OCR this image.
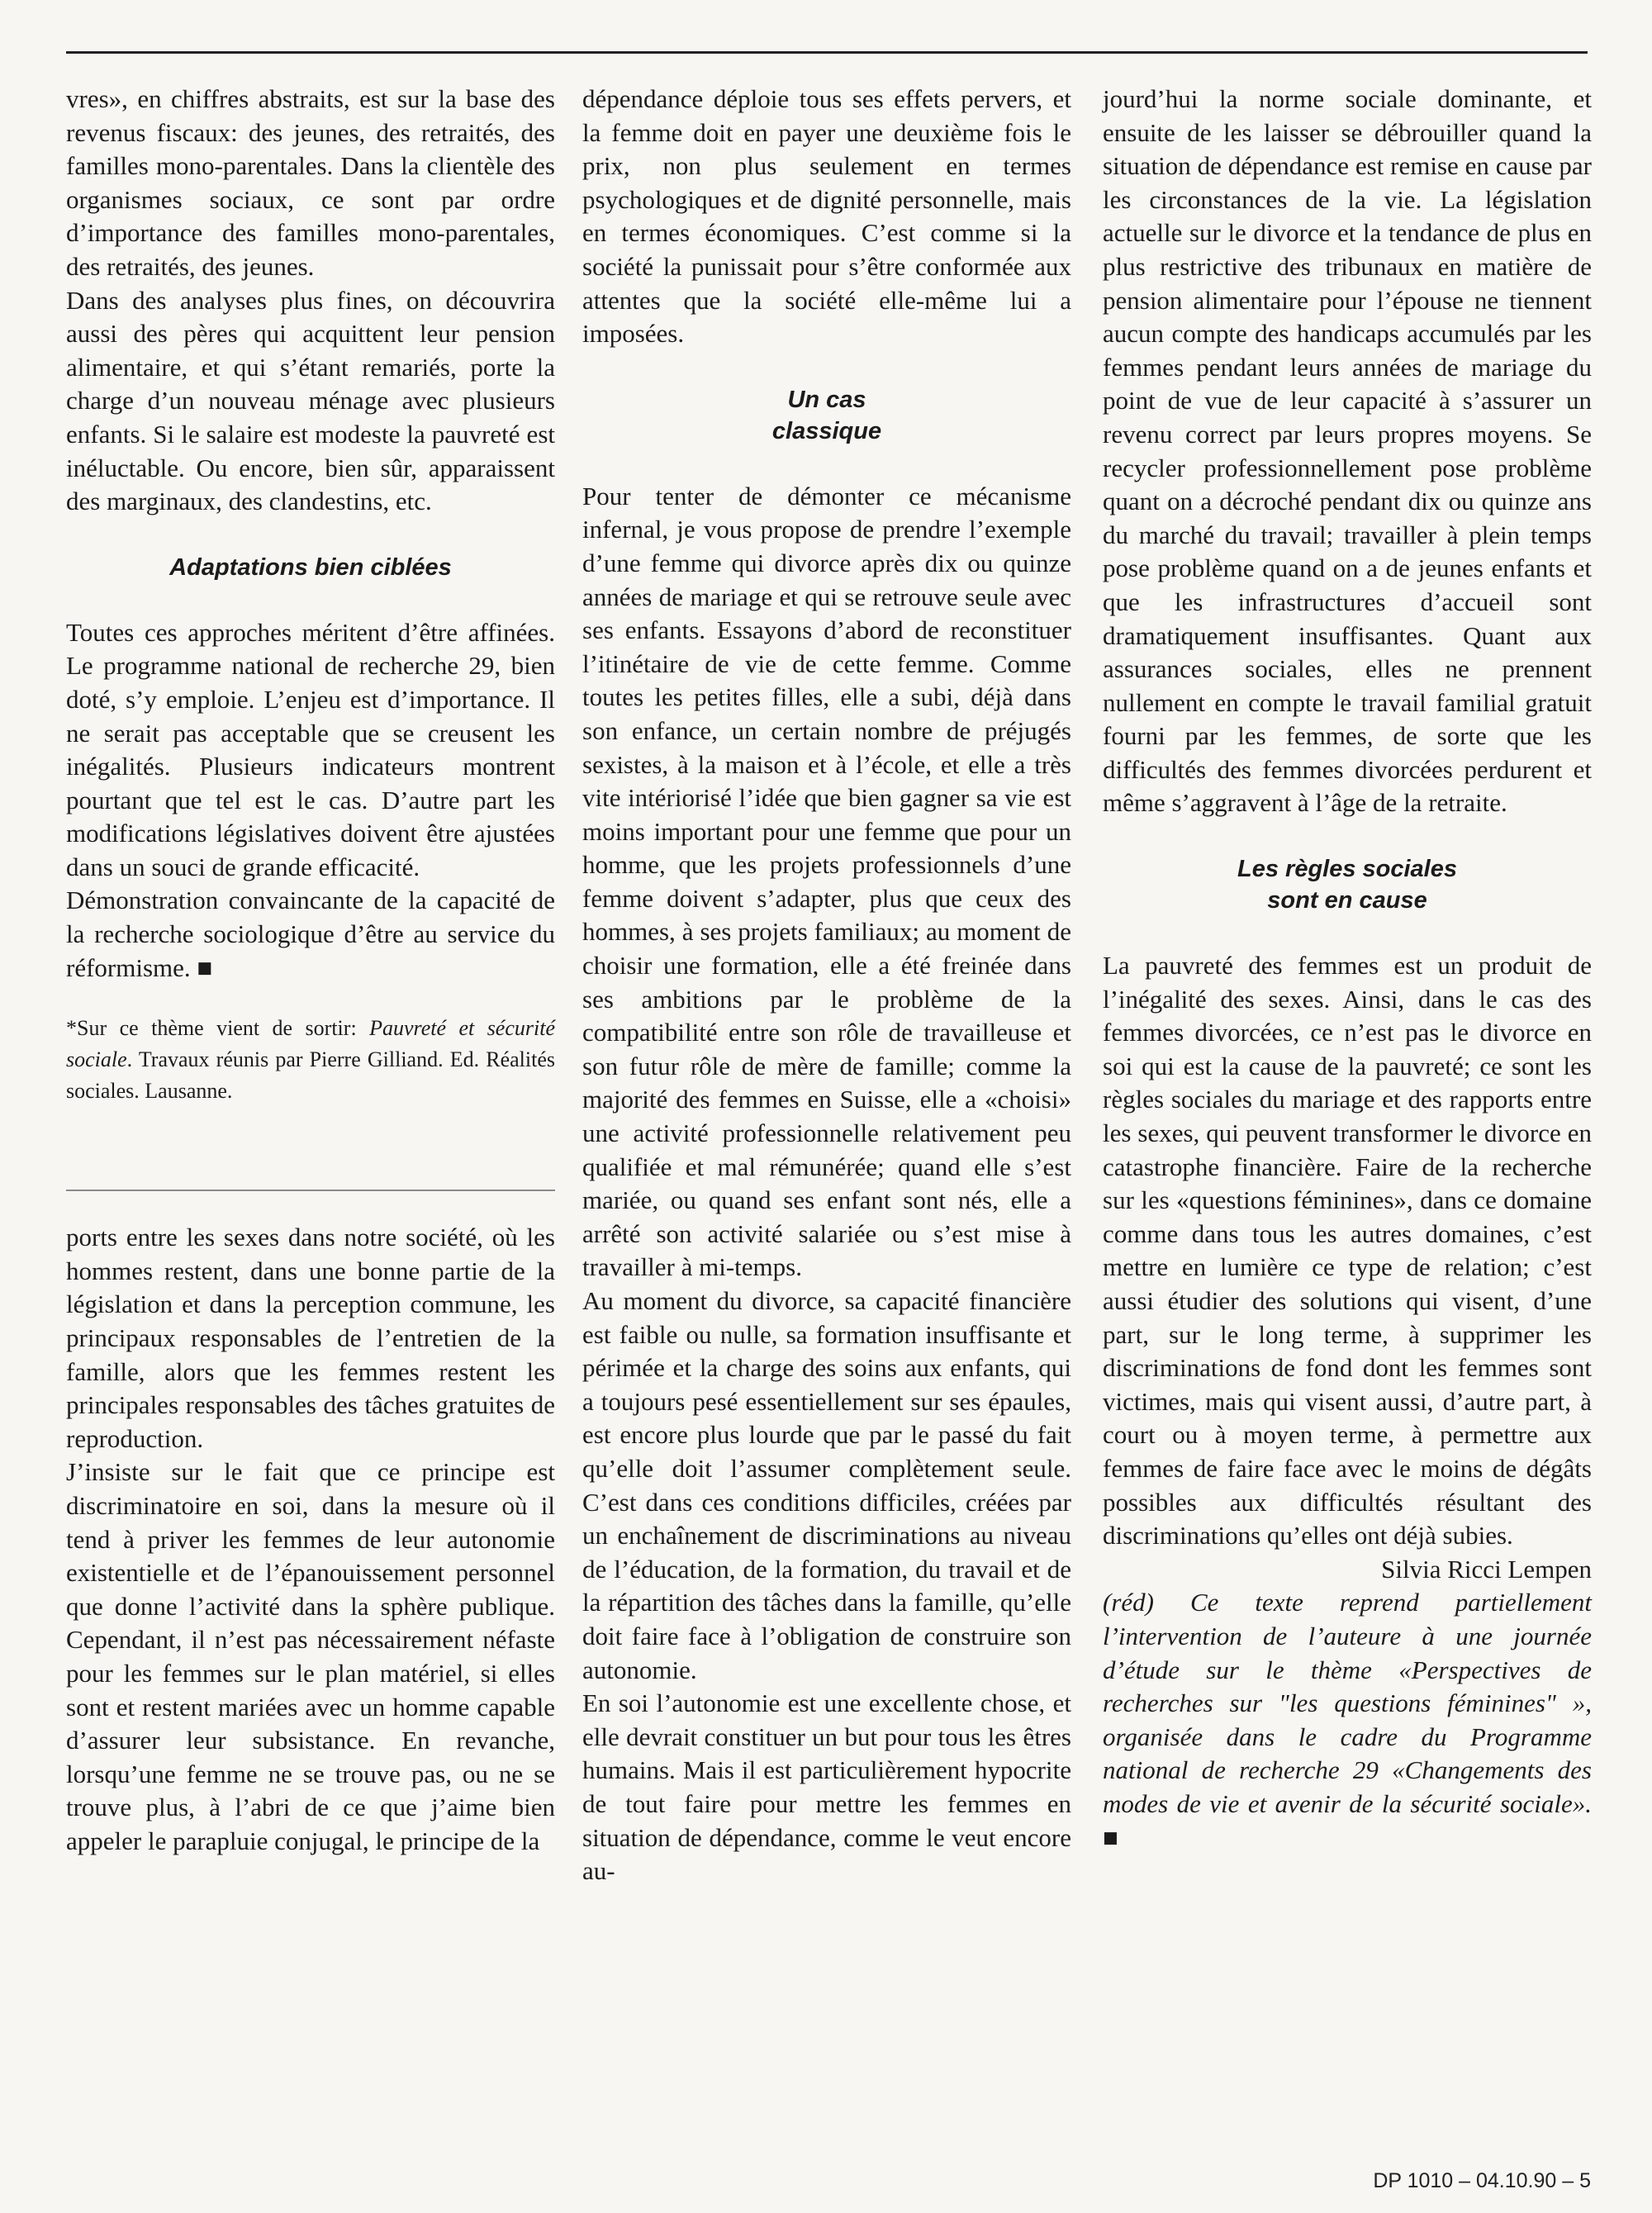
vres», en chiffres abstraits, est sur la base des revenus fiscaux: des jeunes, des retraités, des familles mono-parentales. Dans la clientèle des organismes sociaux, ce sont par ordre d’importance des familles mono-parentales, des retraités, des jeunes.

Dans des analyses plus fines, on découvrira aussi des pères qui acquittent leur pension alimentaire, et qui s’étant remariés, porte la charge d’un nouveau ménage avec plusieurs enfants. Si le salaire est modeste la pauvreté est inéluctable. Ou encore, bien sûr, apparaissent des marginaux, des clandestins, etc.

Adaptations bien ciblées

Toutes ces approches méritent d’être affinées. Le programme national de recherche 29, bien doté, s’y emploie. L’enjeu est d’importance. Il ne serait pas acceptable que se creusent les inégalités. Plusieurs indicateurs montrent pourtant que tel est le cas. D’autre part les modifications législatives doivent être ajustées dans un souci de grande efficacité.

Démonstration convaincante de la capacité de la recherche sociologique d’être au service du réformisme. ■

*Sur ce thème vient de sortir: Pauvreté et sécurité sociale. Travaux réunis par Pierre Gilliand. Ed. Réalités sociales. Lausanne.

ports entre les sexes dans notre société, où les hommes restent, dans une bonne partie de la législation et dans la perception commune, les principaux responsables de l’entretien de la famille, alors que les femmes restent les principales responsables des tâches gratuites de reproduction.

J’insiste sur le fait que ce principe est discriminatoire en soi, dans la mesure où il tend à priver les femmes de leur autonomie existentielle et de l’épanouissement personnel que donne l’activité dans la sphère publique. Cependant, il n’est pas nécessairement néfaste pour les femmes sur le plan matériel, si elles sont et restent mariées avec un homme capable d’assurer leur subsistance. En revanche, lorsqu’une femme ne se trouve pas, ou ne se trouve plus, à l’abri de ce que j’aime bien appeler le parapluie conjugal, le principe de la

dépendance déploie tous ses effets pervers, et la femme doit en payer une deuxième fois le prix, non plus seulement en termes psychologiques et de dignité personnelle, mais en termes économiques. C’est comme si la société la punissait pour s’être conformée aux attentes que la société elle-même lui a imposées.

Un cas
classique

Pour tenter de démonter ce mécanisme infernal, je vous propose de prendre l’exemple d’une femme qui divorce après dix ou quinze années de mariage et qui se retrouve seule avec ses enfants. Essayons d’abord de reconstituer l’itinétaire de vie de cette femme. Comme toutes les petites filles, elle a subi, déjà dans son enfance, un certain nombre de préjugés sexistes, à la maison et à l’école, et elle a très vite intériorisé l’idée que bien gagner sa vie est moins important pour une femme que pour un homme, que les projets professionnels d’une femme doivent s’adapter, plus que ceux des hommes, à ses projets familiaux; au moment de choisir une formation, elle a été freinée dans ses ambitions par le problème de la compatibilité entre son rôle de travailleuse et son futur rôle de mère de famille; comme la majorité des femmes en Suisse, elle a «choisi» une activité professionnelle relativement peu qualifiée et mal rémunérée; quand elle s’est mariée, ou quand ses enfant sont nés, elle a arrêté son activité salariée ou s’est mise à travailler à mi-temps.

Au moment du divorce, sa capacité financière est faible ou nulle, sa formation insuffisante et périmée et la charge des soins aux enfants, qui a toujours pesé essentiellement sur ses épaules, est encore plus lourde que par le passé du fait qu’elle doit l’assumer complètement seule. C’est dans ces conditions difficiles, créées par un enchaînement de discriminations au niveau de l’éducation, de la formation, du travail et de la répartition des tâches dans la famille, qu’elle doit faire face à l’obligation de construire son autonomie.

En soi l’autonomie est une excellente chose, et elle devrait constituer un but pour tous les êtres humains. Mais il est particulièrement hypocrite de tout faire pour mettre les femmes en situation de dépendance, comme le veut encore au-

jourd’hui la norme sociale dominante, et ensuite de les laisser se débrouiller quand la situation de dépendance est remise en cause par les circonstances de la vie. La législation actuelle sur le divorce et la tendance de plus en plus restrictive des tribunaux en matière de pension alimentaire pour l’épouse ne tiennent aucun compte des handicaps accumulés par les femmes pendant leurs années de mariage du point de vue de leur capacité à s’assurer un revenu correct par leurs propres moyens. Se recycler professionnellement pose problème quant on a décroché pendant dix ou quinze ans du marché du travail; travailler à plein temps pose problème quand on a de jeunes enfants et que les infrastructures d’accueil sont dramatiquement insuffisantes. Quant aux assurances sociales, elles ne prennent nullement en compte le travail familial gratuit fourni par les femmes, de sorte que les difficultés des femmes divorcées perdurent et même s’aggravent à l’âge de la retraite.

Les règles sociales
sont en cause

La pauvreté des femmes est un produit de l’inégalité des sexes. Ainsi, dans le cas des femmes divorcées, ce n’est pas le divorce en soi qui est la cause de la pauvreté; ce sont les règles sociales du mariage et des rapports entre les sexes, qui peuvent transformer le divorce en catastrophe financière. Faire de la recherche sur les «questions féminines», dans ce domaine comme dans tous les autres domaines, c’est mettre en lumière ce type de relation; c’est aussi étudier des solutions qui visent, d’une part, sur le long terme, à supprimer les discriminations de fond dont les femmes sont victimes, mais qui visent aussi, d’autre part, à court ou à moyen terme, à permettre aux femmes de faire face avec le moins de dégâts possibles aux difficultés résultant des discriminations qu’elles ont déjà subies.

Silvia Ricci Lempen

(réd) Ce texte reprend partiellement l’intervention de l’auteure à une journée d’étude sur le thème «Perspectives de recherches sur "les questions féminines" », organisée dans le cadre du Programme national de recherche 29 «Changements des modes de vie et avenir de la sécurité sociale». ■

DP 1010 – 04.10.90 – 5
